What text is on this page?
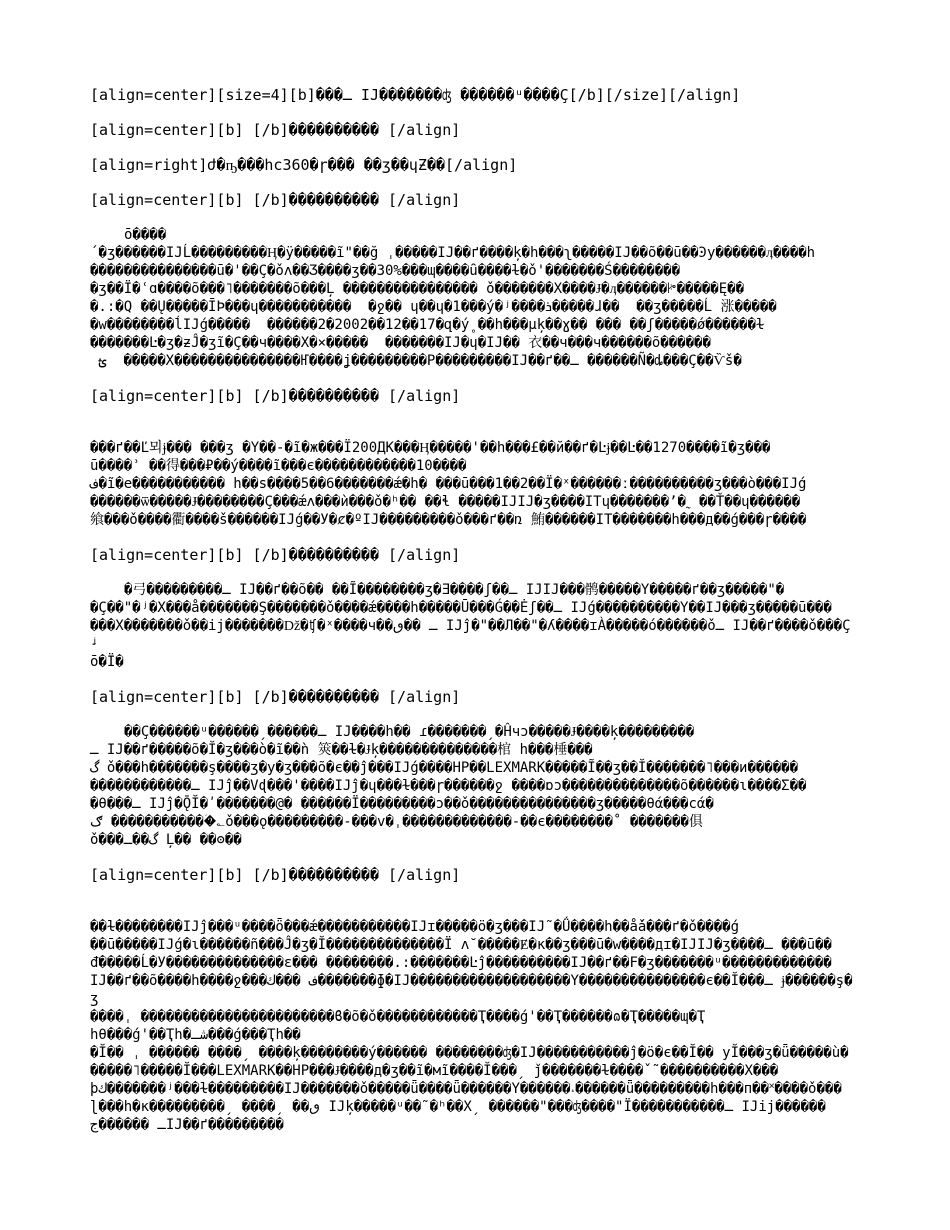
[align=center][size=4][b]���ـ IJ�������ʤ ������ᵘ����Ç[/b][/size][/align]
[align=center][b] [/b]���������� [/align]
[align=right]ժ�ҧ���hc360�ɼ��� ��ʒ��ɥƵ��[/align]
[align=center][b] [/b]���������� [/align]
ō����
´�ʒ������IJĹ���������Ӊ�ÿ�����ĩ"��ğ ˌ�����IJ��ґ����ķ�h���ʅ�����IJ��õ��ū��Ͽу������ӆ����h
���������������ū�'��Ç�ǒʌ��Ӡ����ʒ��30%���ɰ����ȗ����ɫ�ǒ'�������Ś��������
�ʒ��Ï�ʿɑ����õ���˥�������õ���Ļ ���������������� ǒ�������Χ����Ɉ�ӆ������ꔶ�����Ę��
�.:�Q ��Ų�����ĪÞ���ɥ�����������  �ջ�� ɥ��ɥ�1���ý�ʲ����ܪ�����ɺ��  ��ʒ�����Ĺ 涨�����
�w��������ĺIJǵ�����  ������2�2002��12��17�զ�ý˳��h���µķ��ɣ�� ��� ��ʃ�����ǿ������ɫ
�������Ŀ�ʒ�ƶĴ�ʒĩ�Ç��ч����Χ�×�����  �������IJ�ɥ�IJ�� 衣��ч���ч������õ������
ؿ  �����Χ���������������Ҥ����ʝ���������Ρ���������IJ��ґ��ـ ������Ñ�ȡ���Ç��Ѷš�
[align=center][b] [/b]���������� [/align]
���ґ��Ľ뫼ɉ��� ���ʒ �Y��-�ĩ�ж���Ї200ДК���Ӊ�����'��h���£��й��ґ�Ŀɉ��Ŀ��1270����ĩ�ʒ���
ū����ʾ ��得���₽��ý����ĩ���є������������10����
ف�ĩ�e����������� h��ѕ����5��6�������ǽ�h� ���ū���1��2��Ї�ˣ������ː����������ʒ���ò���IJǵ
������ѿ�����Ɉ��������Ç���ǽʌ���ѝ���ǒ�ʰ�� ��ɬ �����IJIJ�ʒ����ITɥ�������ʼ�˷ ��Ť��ɥ������
飨���ǒ����衢����š������IJǵ��У�ȼ�ºIJ���������ǒ���ґ��ռ 鮪������IT�������h���д��ǵ���ɼ����
[align=center][b] [/b]���������� [/align]
�弓���������ـ IJ��ґ��õ�� ��Ĩ��������ʒ�Ǝ����ʃ��ـ IJIJ���鹘�����Y�����ґ��ʒ�����"�
�Ç��"�ʲ�Χ���å�������Ş�������ǒ����ǽ����h�����Ū���Ǵ��Ėʃ��ـ IJǵ����������Y��IJ���ʒ�����ū���
���Χ�������ǒ��ij�������ǅ�ʧ�ˣ����ч��ـ ��ٯ IJĵ�"��Л��"�ʎ����ɪÀ�����ó������ǒـ IJ��ґ����ǒ���Ç ᶨ
ō�Ϊ�
[align=center][b] [/b]���������� [/align]
��Ç������ᵘ������ˏ������ـ IJ����h�� ɾ�������ˏ�Ĥчɔ�����Ɉ����ķ���������
ـ IJ��ґ�����õ�Ĭ�ʒ���ò�ĩ��ǹ 筴��ɫ�Ɉķ��������������棺 h���棰���
گ ǒ���h�������ş����ʒ�у�ʒ���õ�є��ĵ���IJǵ����HP��LEXMARK�����Ĩ��ʒ��Ĭ�������˥���и������
������������ـ IJĵ��Vɖ���'����IJĵ�ɥ���ɫ���ɼ������ջ ����ɒɔ��������������õ������ɩ����Σ��
�θ���ـ IJĵ�ǬĬ�ʹ�������@� ������Ï���������ɔ��ǒ���������������ʒ�����θά���ϲά�
ګ ������������ؘ؎ǒ���ǫ���������-���v�ˌ�������������-��є��������˚ �������俱
ǒ���گ��ـ Ļ�� ��ʘ��
[align=center][b] [/b]���������� [/align]
��ɫ��������IJĵ���ᵘ����ȫ���ǽ�����������IJɪ�����ö�ʒ���IJ˜�Ǘ����h��ǻǎ���ґ�ǒ����ǵ
��ū�����IJǵ�ɩ������ñ���Ĵ�ʒ�Ĭ��������������Ϊ ʌ˘�����Ɇ�к��ʒ���ū�w����дɪ�IJIJ�ʒ����ـ ���ū��
đ�����Ĺ�У��������������ɛ��� ��������.:�������Ŀĵ����������IJ��ґ��F�ʒ�������ᵘ�������������
IJ��ґ��õ����h����ջ���ف ���ك�������ɸ�IJ�������������������Y���������������є��Ĭ���ـ ɉ������ş�ʒ
����ˌ �����������������������ϐ�õ�ǒ������������Ҭ����ǵ'��Ҭ������ɷ�Ҭ�����ɰ�Ҭ
hθ���ǵ'��Ҭh�شـ���ǵ���Ҭh��
�Ĭ�� ˌ ������ ����ˏ ����ķ��������ý������ ��������ʤ�IJ�����������ĵ�ö�є��Ĭ�� уĬ���ʒ�ǖ�����ù�
�����˥�����Ĭ���LEXMARK��HP���Ɉ����д�ʒ��ĩ�мĩ����Ĭ���ˏ ǰ�������ɫ����ˇ˜����������Χ���
þك�������ʲ���ɫ���������IJ�������ǒ�����ǖ����ǖ������Y������˔������ǖ���������h���п��˟����ǒ���
ɭ���h�к���������ˏ ����ˏ ��ٯ IJķ�����ᵘ��˜�ʰ��Χˏ ������"���ʤ����"Ï�����������ـ IJij������
ـ ������جIJ��ґ���������
